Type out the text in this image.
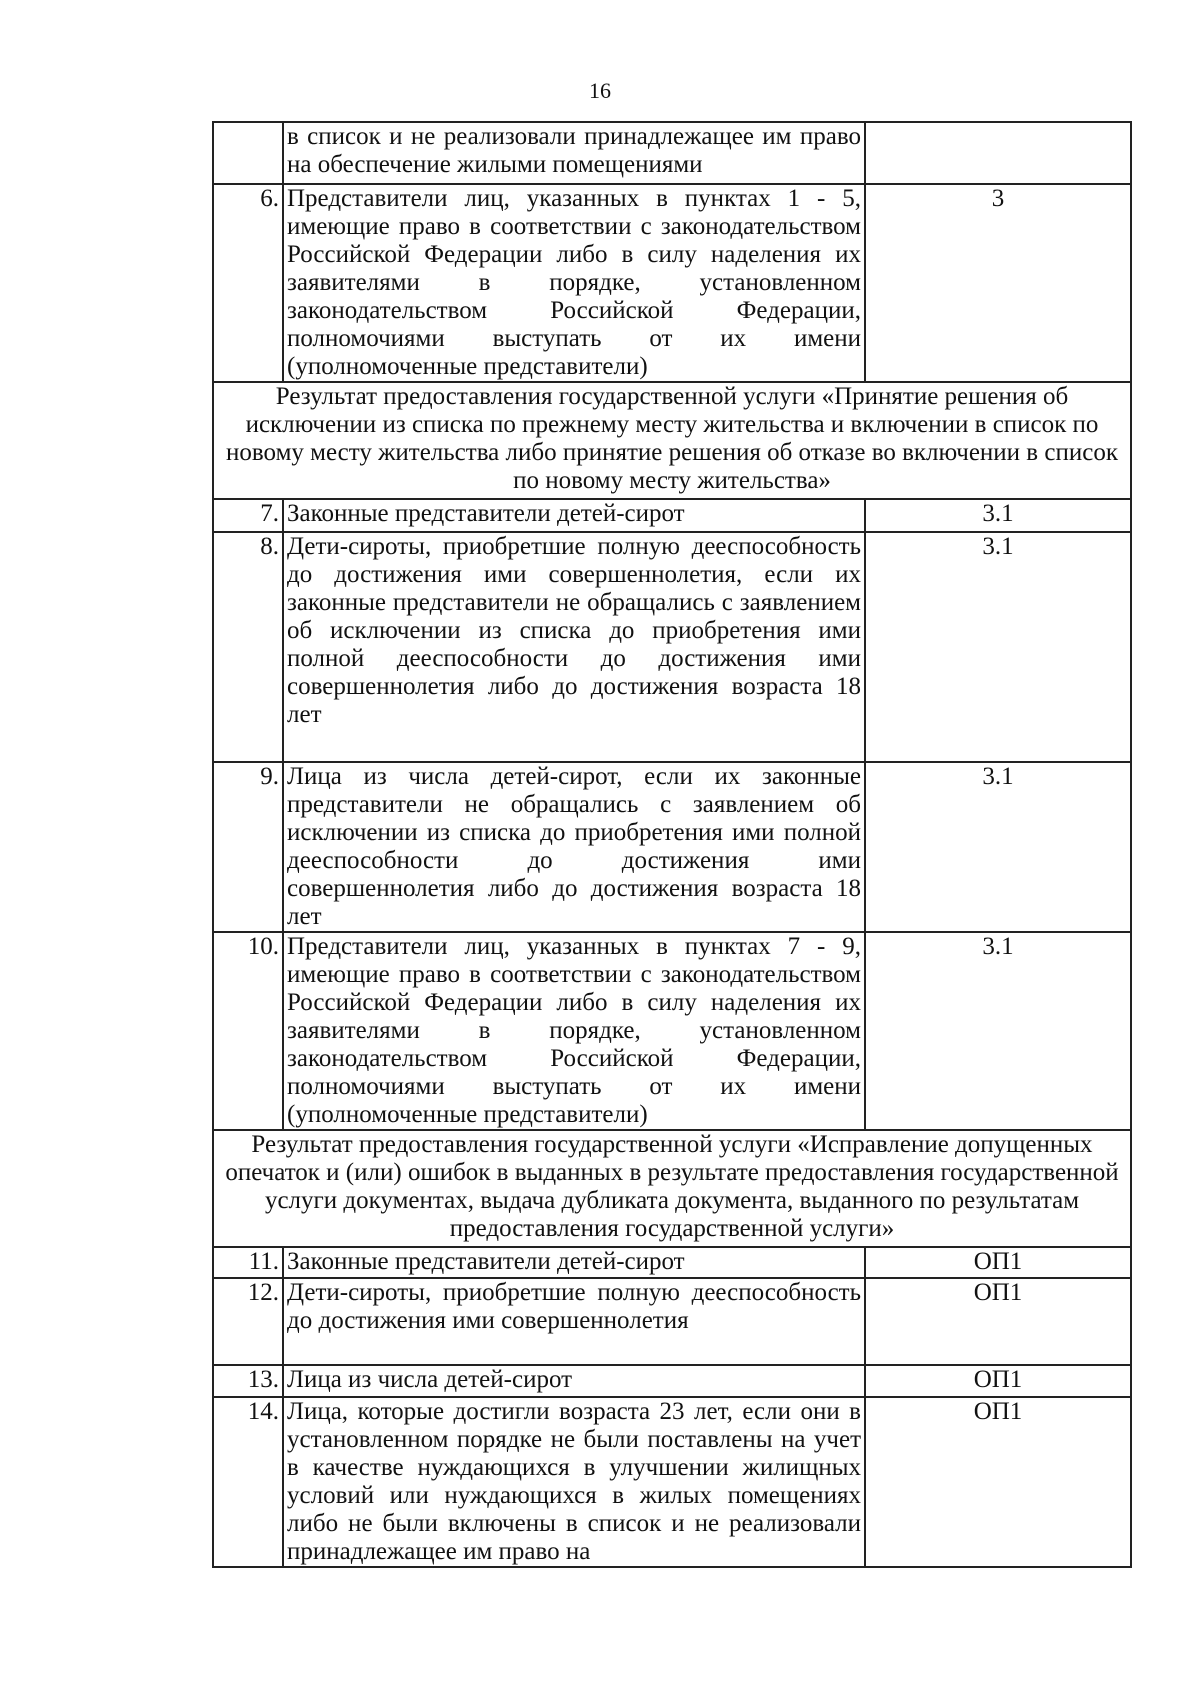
16
	в список и не реализовали принадлежащее им право на обеспечение жилыми помещениями	
6.	Представители лиц, указанных в пунктах 1 - 5, имеющие право в соответствии с законодательством Российской Федерации либо в силу наделения их заявителями в порядке, установленном законодательством Российской Федерации, полномочиями выступать от их имени (уполномоченные представители)	3
Результат предоставления государственной услуги «Принятие решения об исключении из списка по прежнему месту жительства и включении в список по новому месту жительства либо принятие решения об отказе во включении в список по новому месту жительства»		
7.	Законные представители детей-сирот	3.1
8.	Дети-сироты, приобретшие полную дееспособность до достижения ими совершеннолетия, если их законные представители не обращались с заявлением об исключении из списка до приобретения ими полной дееспособности до достижения ими совершеннолетия либо до достижения возраста 18 лет	3.1
9.	Лица из числа детей-сирот, если их законные представители не обращались с заявлением об исключении из списка до приобретения ими полной дееспособности до достижения ими совершеннолетия либо до достижения возраста 18 лет	3.1
10.	Представители лиц, указанных в пунктах 7 - 9, имеющие право в соответствии с законодательством Российской Федерации либо в силу наделения их заявителями в порядке, установленном законодательством Российской Федерации, полномочиями выступать от их имени (уполномоченные представители)	3.1
Результат предоставления государственной услуги «Исправление допущенных опечаток и (или) ошибок в выданных в результате предоставления государственной услуги документах, выдача дубликата документа, выданного по результатам предоставления государственной услуги»		
11.	Законные представители детей-сирот	ОП1
12.	Дети-сироты, приобретшие полную дееспособность до достижения ими совершеннолетия	ОП1
13.	Лица из числа детей-сирот	ОП1
14.	Лица, которые достигли возраста 23 лет, если они в установленном порядке не были поставлены на учет в качестве нуждающихся в улучшении жилищных условий или нуждающихся в жилых помещениях либо не были включены в список и не реализовали принадлежащее им право на	ОП1
